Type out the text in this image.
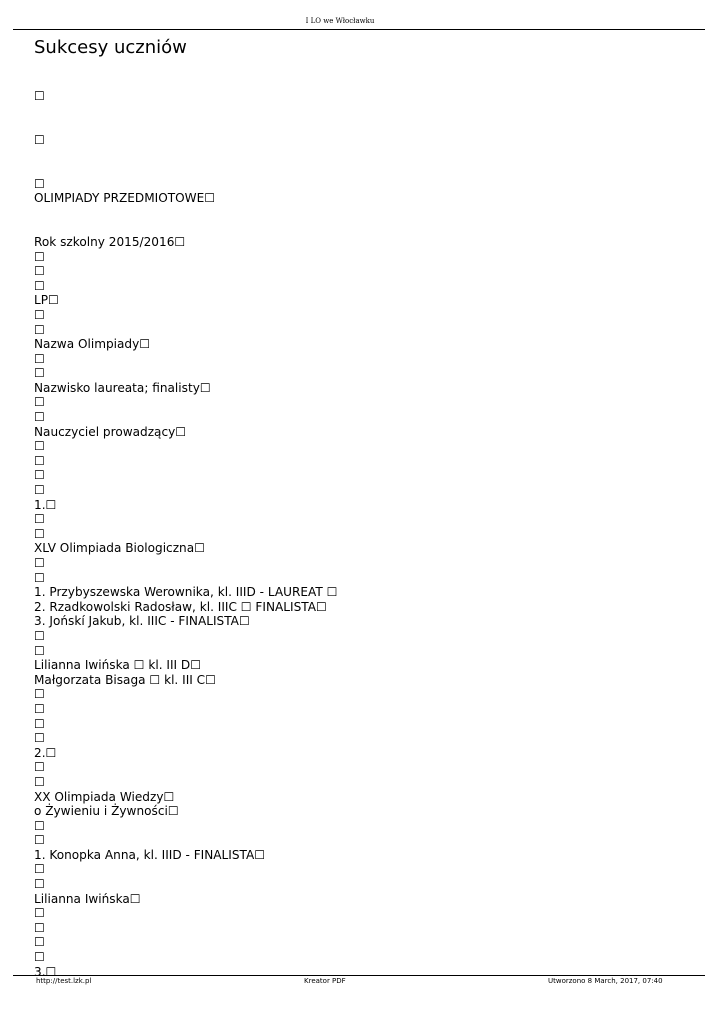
I LO we Włocławku
Sukcesy uczniów
☐
☐
☐
OLIMPIADY PRZEDMIOTOWE☐
Rok szkolny 2015/2016☐
☐
☐
☐
LP☐
☐
☐
Nazwa Olimpiady☐
☐
☐
Nazwisko laureata; finalisty☐
☐
☐
Nauczyciel prowadzący☐
☐
☐
☐
☐
1.☐
☐
☐
XLV Olimpiada Biologiczna☐
☐
☐
1. Przybyszewska Werownika, kl. IIID - LAUREAT ☐
2. Rzadkowolski Radosław, kl. IIIC ☐ FINALISTA☐
3. Jońskí Jakub, kl. IIIC - FINALISTA☐
☐
☐
Lilianna Iwińska ☐ kl. III D☐
Małgorzata Bisaga ☐ kl. III C☐
☐
☐
☐
☐
2.☐
☐
☐
XX Olimpiada Wiedzy☐
o Żywieniu i Żywności☐
☐
☐
1. Konopka Anna, kl. IIID - FINALISTA☐
☐
☐
Lilianna Iwińska☐
☐
☐
☐
☐
3.☐
http://test.lzk.pl	Kreator PDF	Utworzono 8 March, 2017, 07:40
